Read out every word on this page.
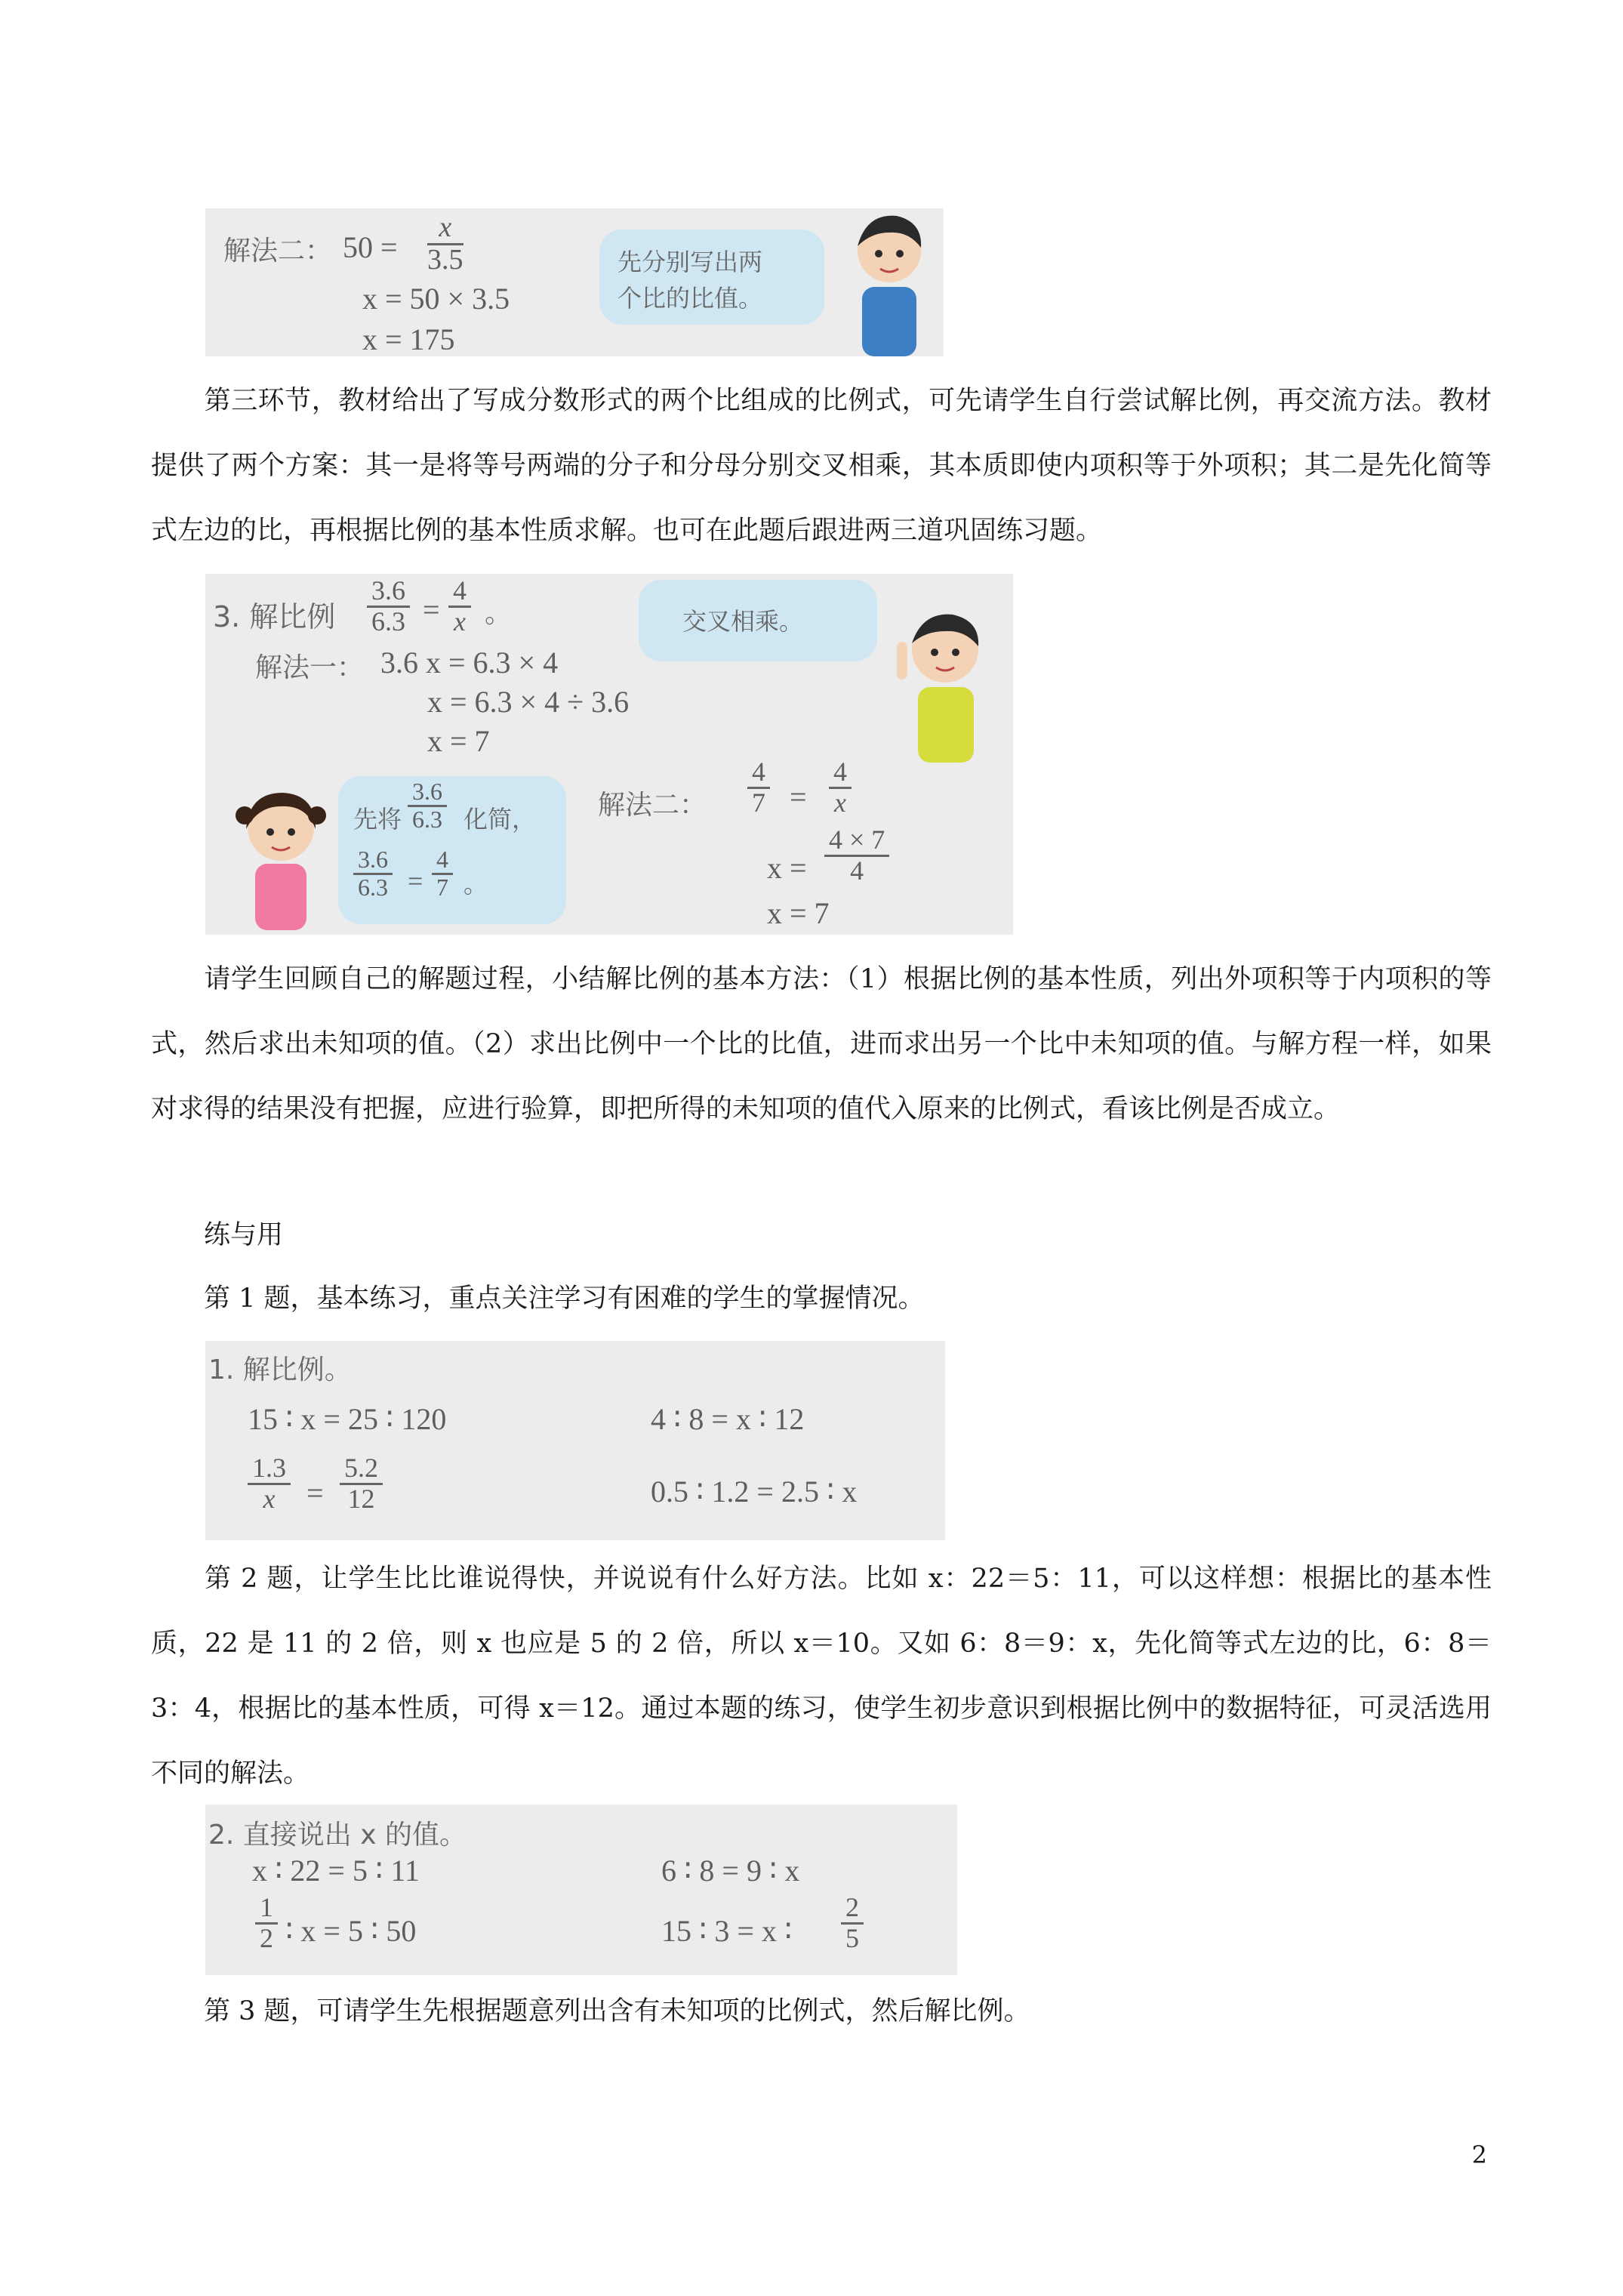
解法二： $50 = \frac{x}{3.5}$
x = 50 × 3.5
x = 175
先分别写出两
个比的比值。

第三环节，教材给出了写成分数形式的两个比组成的比例式，可先请学生自行尝试解比例，再交流方法。教材提供了两个方案：其一是将等号两端的分子和分母分别交叉相乘，其本质即使内项积等于外项积；其二是先化简等式左边的比，再根据比例的基本性质求解。也可在此题后跟进两三道巩固练习题。

3. 解比例 $\frac{3.6}{6.3} = \frac{4}{x}$ 。
解法一： 3.6 x = 6.3 × 4
x = 6.3 × 4 ÷ 3.6
x = 7
交叉相乘。
先将 $\frac{3.6}{6.3}$ 化简，
$\frac{3.6}{6.3} = \frac{4}{7}$ 。
解法二： $\frac{4}{7} = \frac{4}{x}$
$x = \frac{4 \times 7}{4}$
x = 7

请学生回顾自己的解题过程，小结解比例的基本方法：（1）根据比例的基本性质，列出外项积等于内项积的等式，然后求出未知项的值。（2）求出比例中一个比的比值，进而求出另一个比中未知项的值。与解方程一样，如果对求得的结果没有把握，应进行验算，即把所得的未知项的值代入原来的比例式，看该比例是否成立。

练与用

第 1 题，基本练习，重点关注学习有困难的学生的掌握情况。

1. 解比例。
15 ∶ x = 25 ∶ 120	4 ∶ 8 = x ∶ 12
$\frac{1.3}{x} = \frac{5.2}{12}$	0.5 ∶ 1.2 = 2.5 ∶ x

第 2 题，让学生比比谁说得快，并说说有什么好方法。比如 x：22＝5：11，可以这样想：根据比的基本性质，22 是 11 的 2 倍，则 x 也应是 5 的 2 倍，所以 x＝10。又如 6：8＝9：x，先化简等式左边的比，6：8＝3：4，根据比的基本性质，可得 x＝12。通过本题的练习，使学生初步意识到根据比例中的数据特征，可灵活选用不同的解法。

2. 直接说出 x 的值。
x ∶ 22 = 5 ∶ 11	6 ∶ 8 = 9 ∶ x
$\frac{1}{2}$ ∶ x = 5 ∶ 50	15 ∶ 3 = x ∶ $\frac{2}{5}$

第 3 题，可请学生先根据题意列出含有未知项的比例式，然后解比例。

2
